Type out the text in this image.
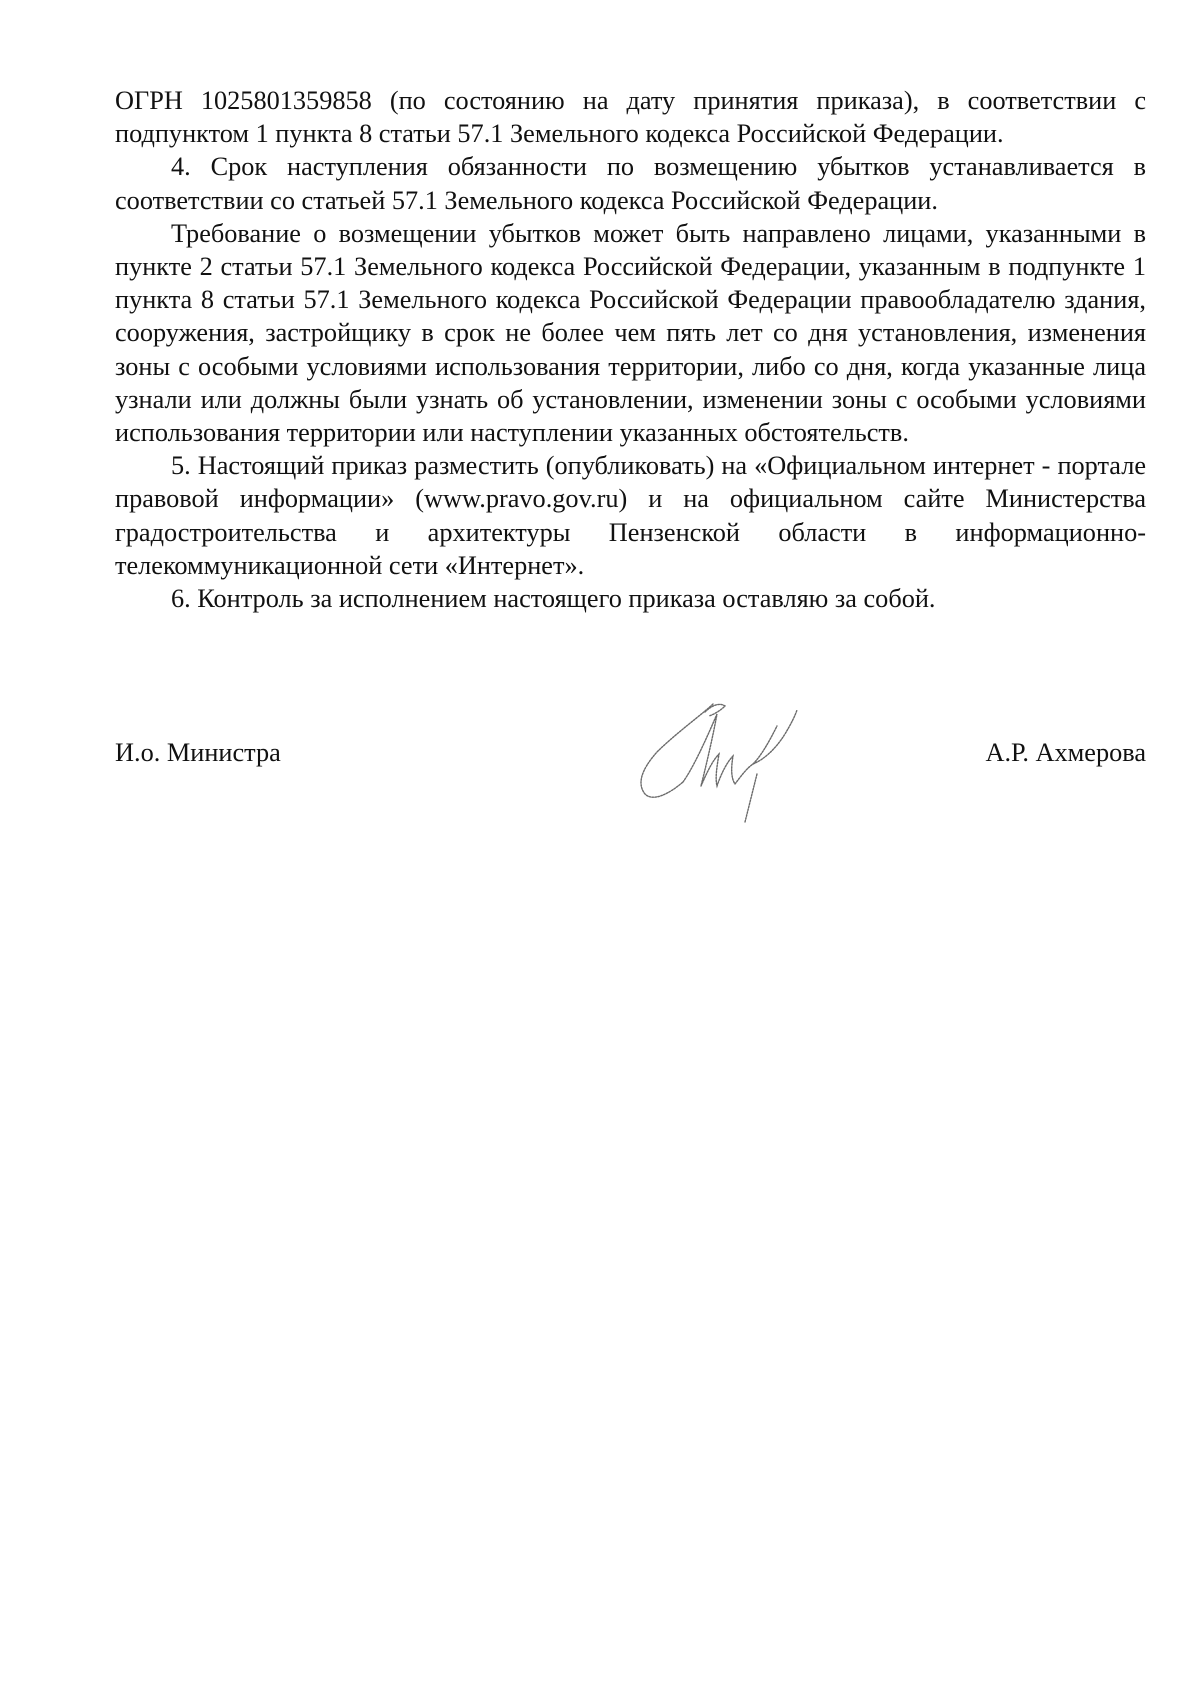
ОГРН 1025801359858 (по состоянию на дату принятия приказа), в соответствии с подпунктом 1 пункта 8 статьи 57.1 Земельного кодекса Российской Федерации.

4. Срок наступления обязанности по возмещению убытков устанавливается в соответствии со статьей 57.1 Земельного кодекса Российской Федерации.

Требование о возмещении убытков может быть направлено лицами, указанными в пункте 2 статьи 57.1 Земельного кодекса Российской Федерации, указанным в подпункте 1 пункта 8 статьи 57.1 Земельного кодекса Российской Федерации правообладателю здания, сооружения, застройщику в срок не более чем пять лет со дня установления, изменения зоны с особыми условиями использования территории, либо со дня, когда указанные лица узнали или должны были узнать об установлении, изменении зоны с особыми условиями использования территории или наступлении указанных обстоятельств.

5. Настоящий приказ разместить (опубликовать) на «Официальном интернет - портале правовой информации» (www.pravo.gov.ru) и на официальном сайте Министерства градостроительства и архитектуры Пензенской области в информационно-телекоммуникационной сети «Интернет».

6. Контроль за исполнением настоящего приказа оставляю за собой.

И.о. Министра	А.Р. Ахмерова
